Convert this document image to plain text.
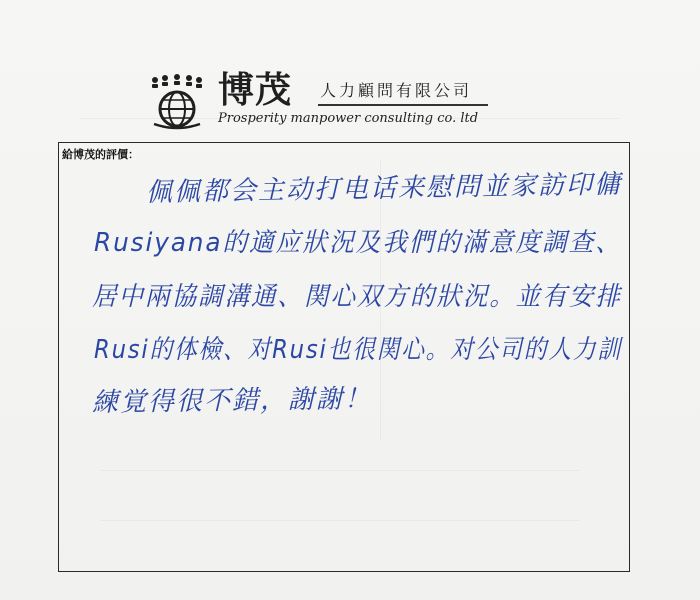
博茂 人力顧問有限公司
Prosperity manpower consulting co. ltd
給博茂的評價：
佩佩都会主动打电话来慰問並家訪印傭
Rusiyana的適应狀況及我們的滿意度調查、
居中兩協調溝通、関心双方的狀況。並有安排
Rusi的体檢、对Rusi也很関心。对公司的人力訓
練覚得很不錯，謝謝！
